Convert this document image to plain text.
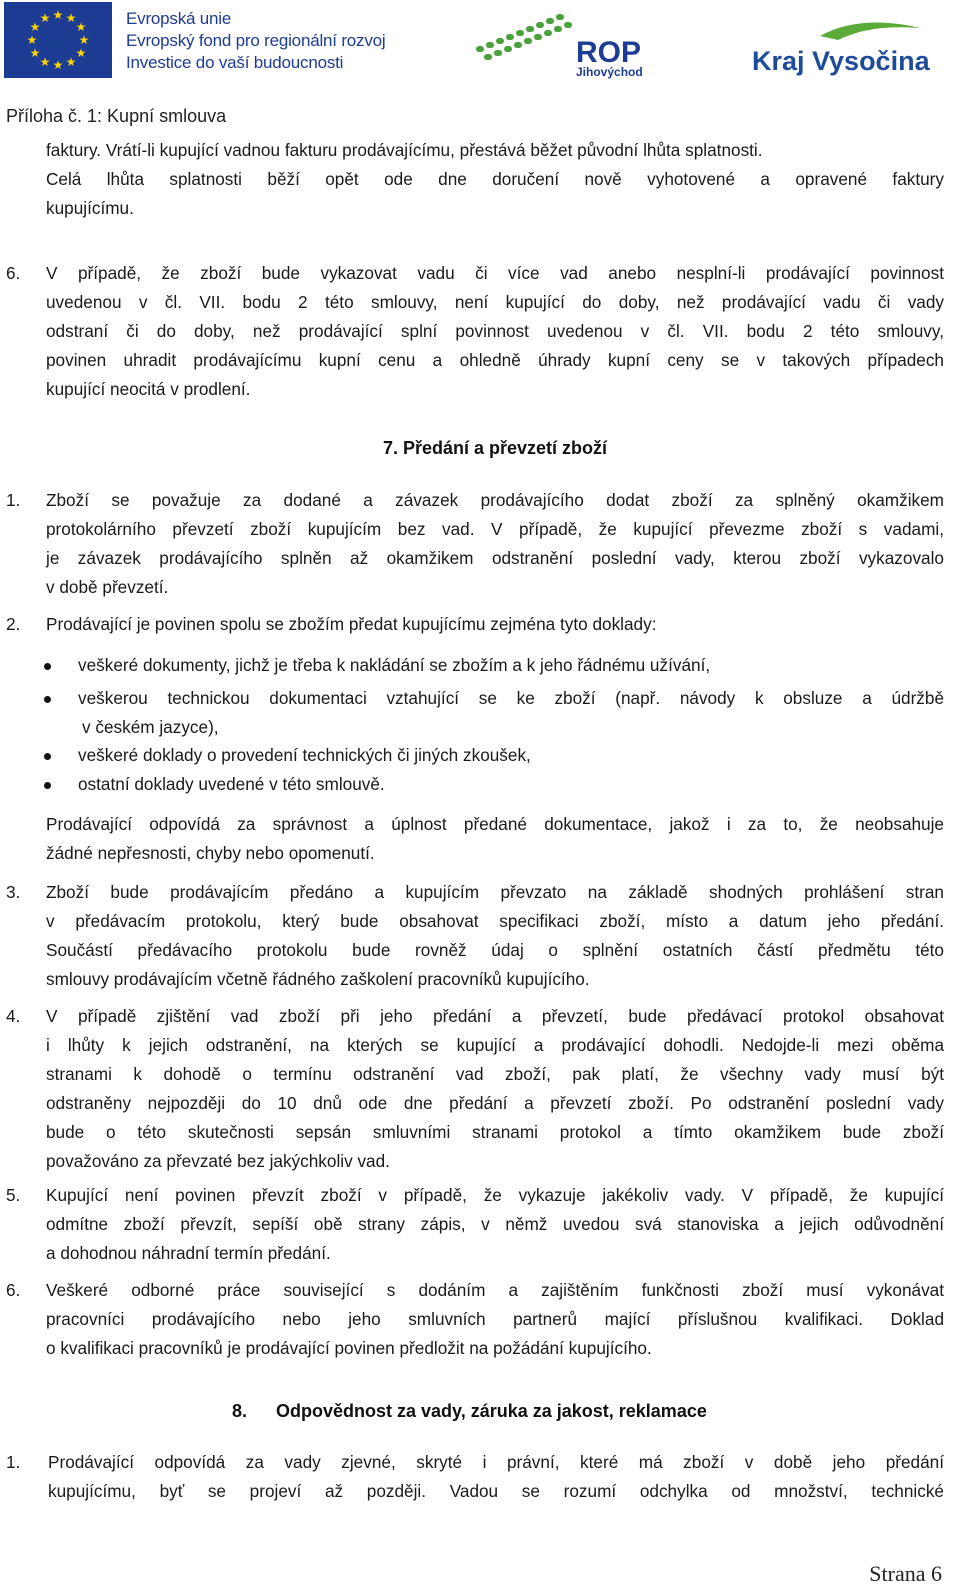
★ ★
★
★
★
★
★
★
★
★
★
★	Evropská unie
Evropský fond pro regionální rozvoj
Investice do vaší budoucnosti	ROP
Jihovýchod	Kraj Vysočina
Příloha č. 1: Kupní smlouva
faktury. Vrátí-li kupující vadnou fakturu prodávajícímu, přestává běžet původní lhůta splatnosti.
Celá lhůta splatnosti běží opět ode dne doručení nově vyhotovené a opravené faktury
kupujícímu.
6. V případě, že zboží bude vykazovat vadu či více vad anebo nesplní-li prodávající povinnost
uvedenou v čl. VII. bodu 2 této smlouvy, není kupující do doby, než prodávající vadu či vady
odstraní či do doby, než prodávající splní povinnost uvedenou v čl. VII. bodu 2 této smlouvy,
povinen uhradit prodávajícímu kupní cenu a ohledně úhrady kupní ceny se v takových případech
kupující neocitá v prodlení.
7. Předání a převzetí zboží
1. Zboží se považuje za dodané a závazek prodávajícího dodat zboží za splněný okamžikem
protokolárního převzetí zboží kupujícím bez vad. V případě, že kupující převezme zboží s vadami,
je závazek prodávajícího splněn až okamžikem odstranění poslední vady, kterou zboží vykazovalo
v době převzetí.
2. Prodávající je povinen spolu se zbožím předat kupujícímu zejména tyto doklady:
veškeré dokumenty, jichž je třeba k nakládání se zbožím a k jeho řádnému užívání,
veškerou technickou dokumentaci vztahující se ke zboží (např. návody k obsluze a údržbě
v českém jazyce),
veškeré doklady o provedení technických či jiných zkoušek,
ostatní doklady uvedené v této smlouvě.
Prodávající odpovídá za správnost a úplnost předané dokumentace, jakož i za to, že neobsahuje
žádné nepřesnosti, chyby nebo opomenutí.
3. Zboží bude prodávajícím předáno a kupujícím převzato na základě shodných prohlášení stran
v předávacím protokolu, který bude obsahovat specifikaci zboží, místo a datum jeho předání.
Součástí předávacího protokolu bude rovněž údaj o splnění ostatních částí předmětu této
smlouvy prodávajícím včetně řádného zaškolení pracovníků kupujícího.
4. V případě zjištění vad zboží při jeho předání a převzetí, bude předávací protokol obsahovat
i lhůty k jejich odstranění, na kterých se kupující a prodávající dohodli. Nedojde-li mezi oběma
stranami k dohodě o termínu odstranění vad zboží, pak platí, že všechny vady musí být
odstraněny nejpozději do 10 dnů ode dne předání a převzetí zboží. Po odstranění poslední vady
bude o této skutečnosti sepsán smluvními stranami protokol a tímto okamžikem bude zboží
považováno za převzaté bez jakýchkoliv vad.
5. Kupující není povinen převzít zboží v případě, že vykazuje jakékoliv vady. V případě, že kupující
odmítne zboží převzít, sepíší obě strany zápis, v němž uvedou svá stanoviska a jejich odůvodnění
a dohodnou náhradní termín předání.
6. Veškeré odborné práce související s dodáním a zajištěním funkčnosti zboží musí vykonávat
pracovníci prodávajícího nebo jeho smluvních partnerů mající příslušnou kvalifikaci. Doklad
o kvalifikaci pracovníků je prodávající povinen předložit na požádání kupujícího.
8. Odpovědnost za vady, záruka za jakost, reklamace
1. Prodávající odpovídá za vady zjevné, skryté i právní, které má zboží v době jeho předání
kupujícímu, byť se projeví až později. Vadou se rozumí odchylka od množství, technické
Strana 6
